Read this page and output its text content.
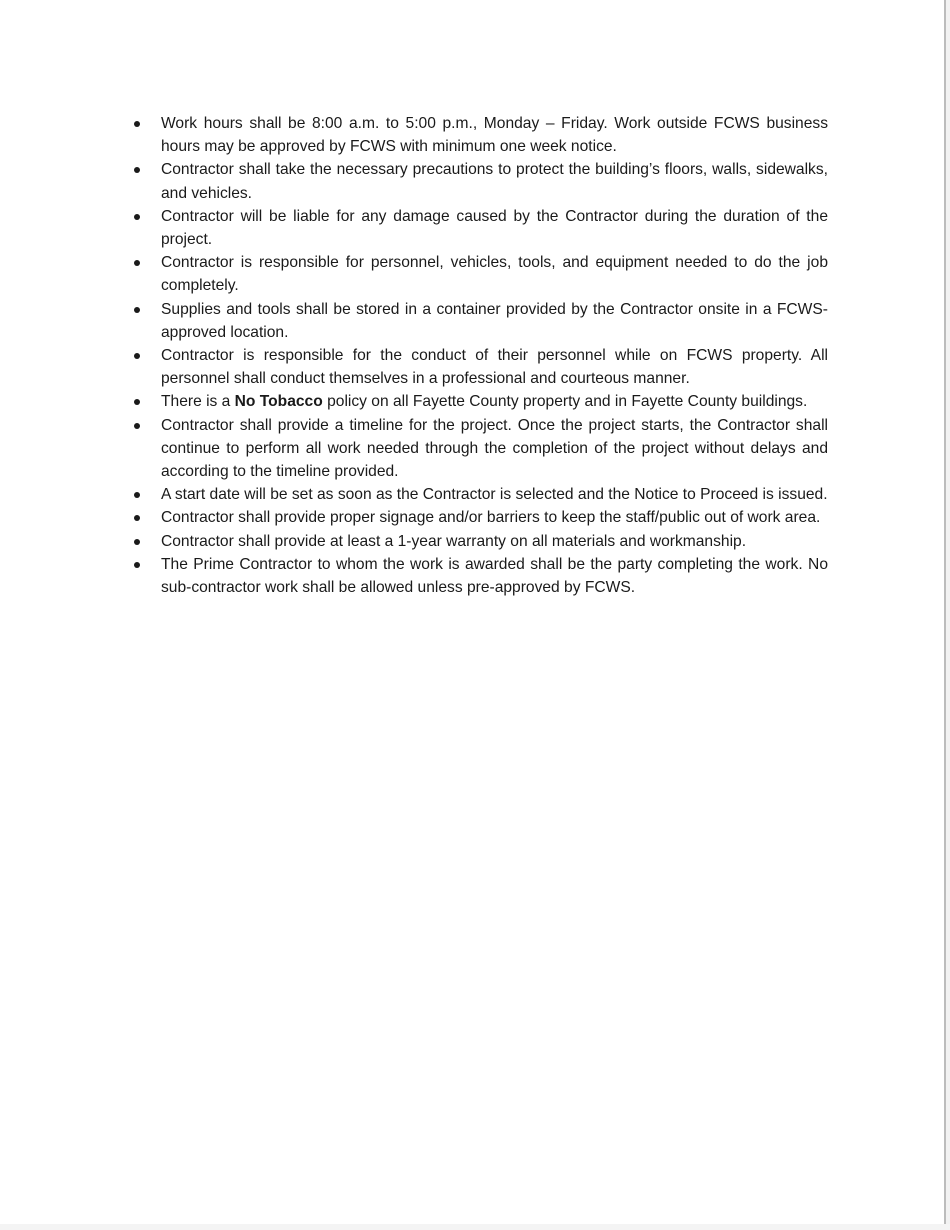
Work hours shall be 8:00 a.m. to 5:00 p.m., Monday – Friday. Work outside FCWS business hours may be approved by FCWS with minimum one week notice.
Contractor shall take the necessary precautions to protect the building’s floors, walls, sidewalks, and vehicles.
Contractor will be liable for any damage caused by the Contractor during the duration of the project.
Contractor is responsible for personnel, vehicles, tools, and equipment needed to do the job completely.
Supplies and tools shall be stored in a container provided by the Contractor onsite in a FCWS-approved location.
Contractor is responsible for the conduct of their personnel while on FCWS property. All personnel shall conduct themselves in a professional and courteous manner.
There is a No Tobacco policy on all Fayette County property and in Fayette County buildings.
Contractor shall provide a timeline for the project. Once the project starts, the Contractor shall continue to perform all work needed through the completion of the project without delays and according to the timeline provided.
A start date will be set as soon as the Contractor is selected and the Notice to Proceed is issued.
Contractor shall provide proper signage and/or barriers to keep the staff/public out of work area.
Contractor shall provide at least a 1-year warranty on all materials and workmanship.
The Prime Contractor to whom the work is awarded shall be the party completing the work. No sub-contractor work shall be allowed unless pre-approved by FCWS.
